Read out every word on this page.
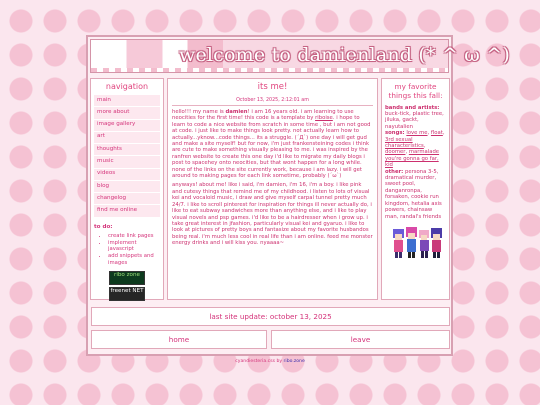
welcome to damienland (* ^ ω ^)
navigation
main
more about
image gallery
art
thoughts
music
videos
blog
changelog
find me online
to do:
• create link pages
• implement javascript
• add snippets and images
ribo zone
freenet NET
its me!
October 13, 2025, 2:12:01 am

hello!!! my name is damien! i am 16 years old. i am learning to use neocities for the first time! this code is a template by riboise. i hope to learn to code a nice website from scratch in some time , but i am not good at code. i just like to make things look pretty. not actually learn how to actually...yknow...code things... its a struggle. (´Д`) one day i will get gud and make a site myself! but for now, i'm just frankensteining codes i think are cute to make something visually pleasing to me. i was inspired by the ranfren website to create this one day i'd like to migrate my daily blogs i post to spacehey onto neocities, but that wont happen for a long while. none of the links on the site currently work, because i am lazy. i will get around to making pages for each link sometime, probably (´ω`)

anyways! about me! like i said, i'm damien, i'm 16, i'm a boy. i like pink and cutesy things that remind me of my childhood. i listen to lots of visual kei and vocaloid music, i draw and give myself carpal tunnel pretty much 24/7. i like to scroll pinterest for inspiration for things ill never actually do, i like to eat subway sandwiches more than anything else, and i like to play visual novels and psp games. i'd like to be a hairdresser when i grow up. i take great interest in jfashion, particularly visual kei and gyaruo. i like to look at pictures of pretty boys and fantasize about my favorite husbandos being real. i'm much less cool in real life than i am online. feed me monster energy drinks and i will kiss you. nyaaaa~

my favorite things this fall:
bands and artists:
buck-tick, plastic tree, jiluka, gackt, nayutalien
songs: love me, float, 3rd sexual characteristics, doomer, marmalade you're gonna go far, kid
other: persona 3-5, dramatical murder, sweet pool, danganronpa, forsaken, cookie run kingdom, hetalia axis powers, chainsaw man, randal's friends
last site update: october 13, 2025
home	leave
cyandiesteria.css by ribo.zone
